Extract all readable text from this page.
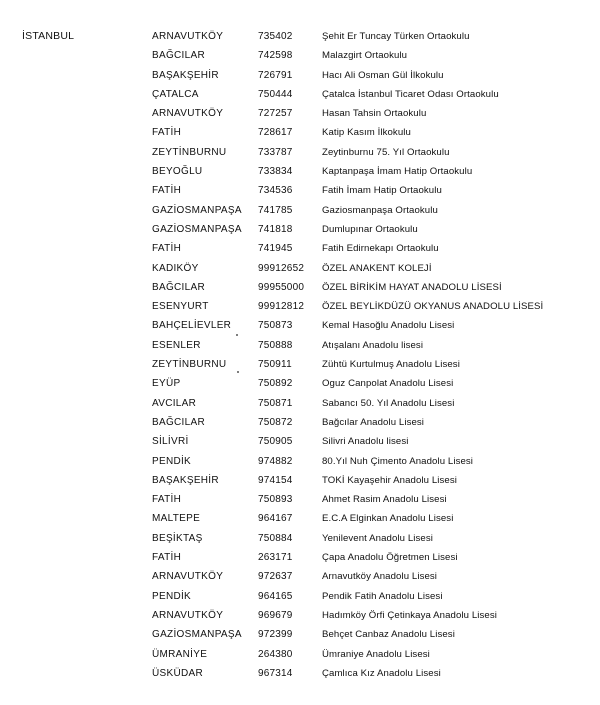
İSTANBUL	ARNAVUTKÖY	735402	Şehit Er Tuncay Türken Ortaokulu
BAĞCILAR	742598	Malazgirt Ortaokulu
BAŞAKŞEHİR	726791	Hacı Ali Osman Gül İlkokulu
ÇATALCA	750444	Çatalca İstanbul Ticaret Odası Ortaokulu
ARNAVUTKÖY	727257	Hasan Tahsin Ortaokulu
FATİH	728617	Katip Kasım İlkokulu
ZEYTİNBURNU	733787	Zeytinburnu 75. Yıl Ortaokulu
BEYOĞLU	733834	Kaptanpaşa İmam Hatip Ortaokulu
FATİH	734536	Fatih İmam Hatip Ortaokulu
GAZİOSMANPAŞA 741785	Gaziosmanpaşa Ortaokulu
GAZİOSMANPAŞA 741818	Dumlupınar Ortaokulu
FATİH	741945	Fatih Edirnekapı Ortaokulu
KADIKÖY	99912652 ÖZEL ANAKENT KOLEJİ
BAĞCILAR	99955000 ÖZEL BİRİKİM HAYAT ANADOLU LİSESİ
ESENYURT	99912812 ÖZEL BEYLİKDÜZÜ OKYANUS ANADOLU LİSESİ
BAHÇELİEVLER	750873	Kemal Hasoğlu Anadolu Lisesi
ESENLER	750888	Atışalanı Anadolu lisesi
ZEYTİNBURNU	750911	Zühtü Kurtulmuş Anadolu Lisesi
EYÜP	750892	Oguz Canpolat Anadolu Lisesi
AVCILAR	750871	Sabancı 50. Yıl Anadolu Lisesi
BAĞCILAR	750872	Bağcılar Anadolu Lisesi
SİLİVRİ	750905	Silivri Anadolu lisesi
PENDİK	974882	80.Yıl Nuh Çimento Anadolu Lisesi
BAŞAKŞEHİR	974154	TOKİ Kayaşehir Anadolu Lisesi
FATİH	750893	Ahmet Rasim Anadolu Lisesi
MALTEPE	964167	E.C.A Elginkan Anadolu Lisesi
BEŞİKTAŞ	750884	Yenilevent Anadolu Lisesi
FATİH	263171	Çapa Anadolu Öğretmen Lisesi
ARNAVUTKÖY	972637	Arnavutköy Anadolu Lisesi
PENDİK	964165	Pendik Fatih Anadolu Lisesi
ARNAVUTKÖY	969679	Hadımköy Örfi Çetinkaya Anadolu Lisesi
GAZİOSMANPAŞA 972399	Behçet Canbaz Anadolu Lisesi
ÜMRANİYE	264380	Ümraniye Anadolu Lisesi
ÜSKÜDAR	967314	Çamlıca Kız Anadolu Lisesi
